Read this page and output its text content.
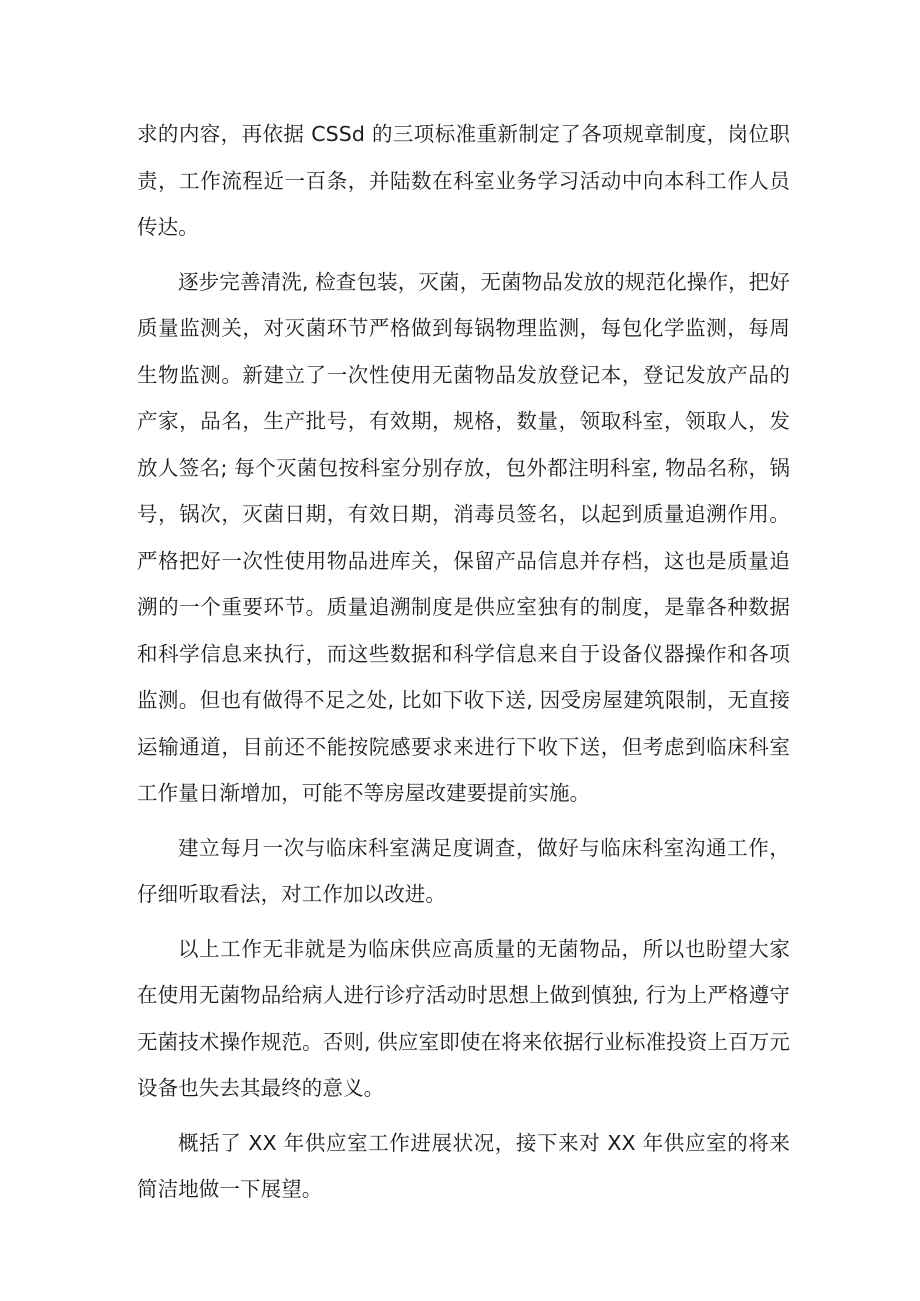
求的内容，再依据 CSSd 的三项标准重新制定了各项规章制度，岗位职责，工作流程近一百条，并陆数在科室业务学习活动中向本科工作人员传达。

逐步完善清洗, 检查包装，灭菌，无菌物品发放的规范化操作，把好质量监测关，对灭菌环节严格做到每锅物理监测，每包化学监测，每周生物监测。新建立了一次性使用无菌物品发放登记本，登记发放产品的产家，品名，生产批号，有效期，规格，数量，领取科室，领取人，发放人签名; 每个灭菌包按科室分别存放，包外都注明科室, 物品名称，锅号，锅次，灭菌日期，有效日期，消毒员签名，以起到质量追溯作用。严格把好一次性使用物品进库关，保留产品信息并存档，这也是质量追溯的一个重要环节。质量追溯制度是供应室独有的制度，是靠各种数据和科学信息来执行，而这些数据和科学信息来自于设备仪器操作和各项监测。但也有做得不足之处, 比如下收下送, 因受房屋建筑限制，无直接运输通道，目前还不能按院感要求来进行下收下送，但考虑到临床科室工作量日渐增加，可能不等房屋改建要提前实施。

建立每月一次与临床科室满足度调查，做好与临床科室沟通工作，仔细听取看法，对工作加以改进。

以上工作无非就是为临床供应高质量的无菌物品，所以也盼望大家在使用无菌物品给病人进行诊疗活动时思想上做到慎独, 行为上严格遵守无菌技术操作规范。否则, 供应室即使在将来依据行业标准投资上百万元设备也失去其最终的意义。

概括了 XX 年供应室工作进展状况，接下来对 XX 年供应室的将来简洁地做一下展望。
